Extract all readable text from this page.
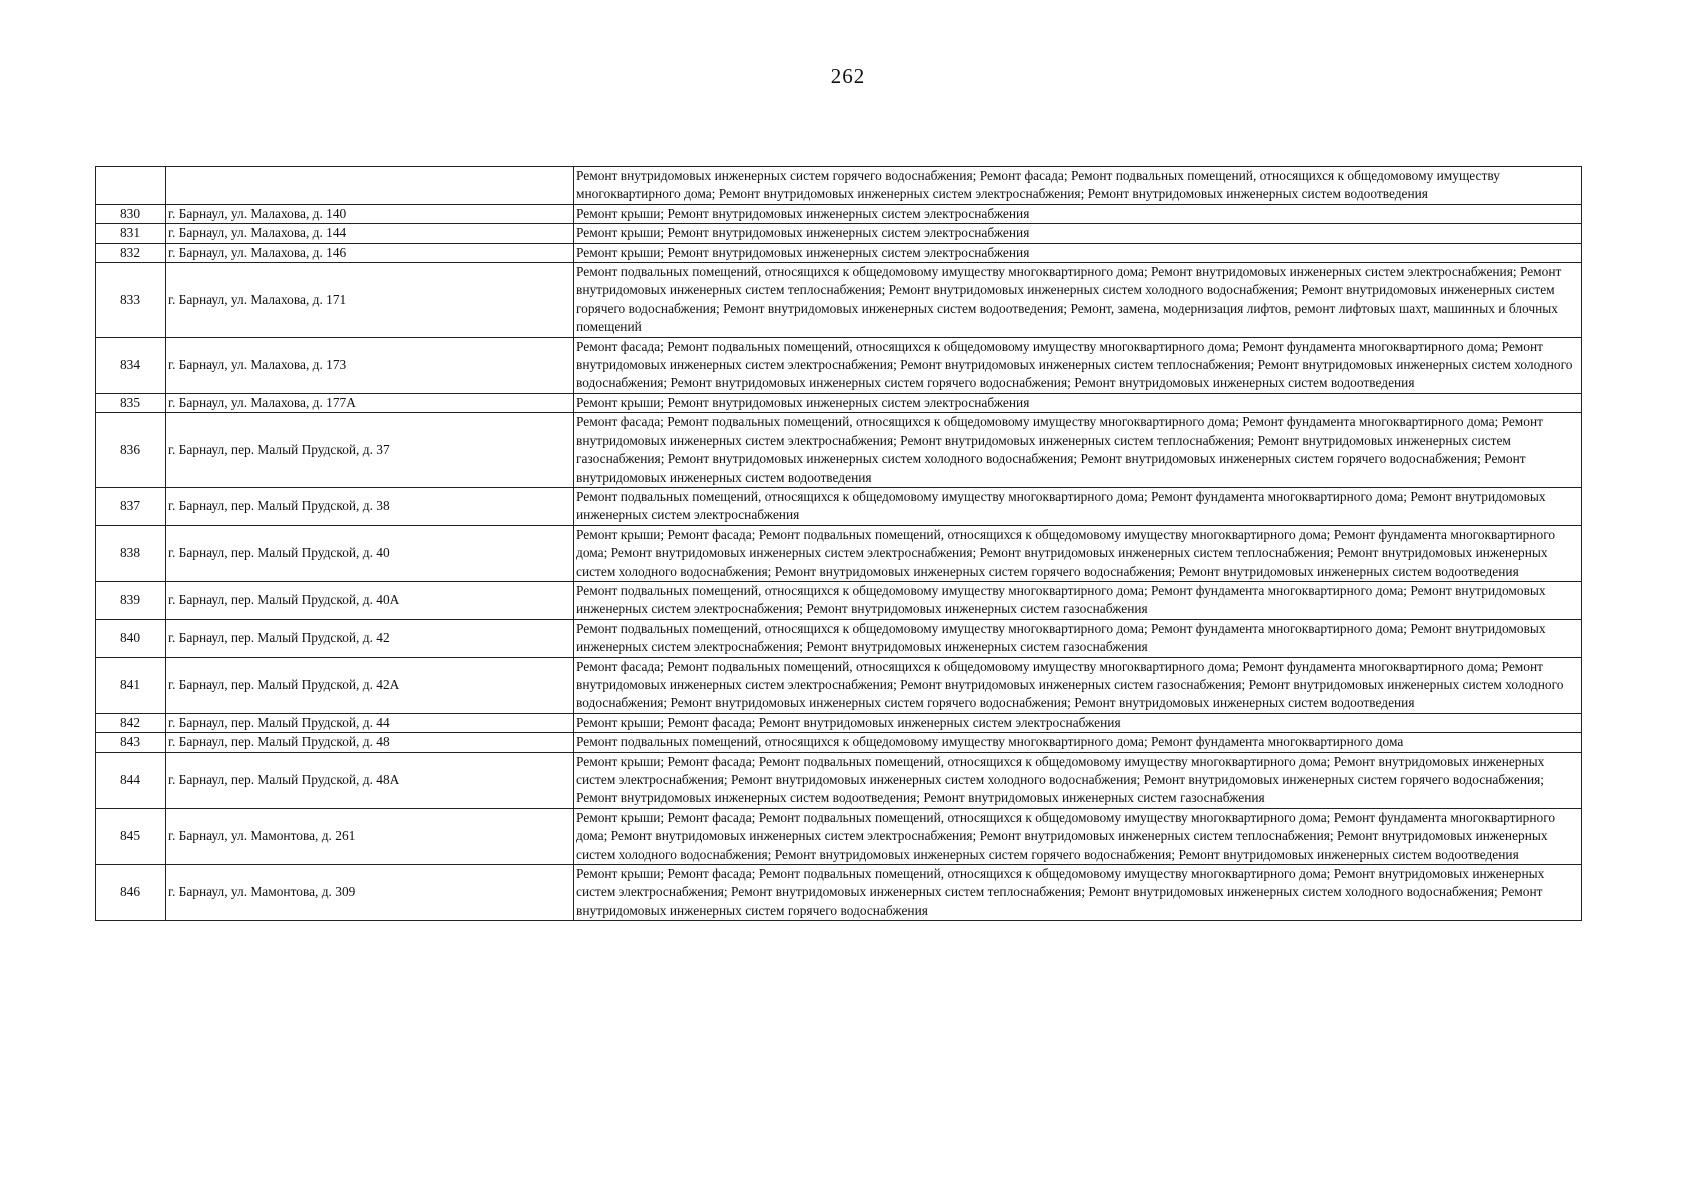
262
		Ремонт внутридомовых инженерных систем горячего водоснабжения; Ремонт фасада; Ремонт подвальных помещений, относящихся к общедомовому имуществу многоквартирного дома; Ремонт внутридомовых инженерных систем электроснабжения; Ремонт внутридомовых инженерных систем водоотведения
830	г. Барнаул, ул. Малахова, д. 140	Ремонт крыши; Ремонт внутридомовых инженерных систем электроснабжения
831	г. Барнаул, ул. Малахова, д. 144	Ремонт крыши; Ремонт внутридомовых инженерных систем электроснабжения
832	г. Барнаул, ул. Малахова, д. 146	Ремонт крыши; Ремонт внутридомовых инженерных систем электроснабжения
833	г. Барнаул, ул. Малахова, д. 171	Ремонт подвальных помещений, относящихся к общедомовому имуществу многоквартирного дома; Ремонт внутридомовых инженерных систем электроснабжения; Ремонт внутридомовых инженерных систем теплоснабжения; Ремонт внутридомовых инженерных систем холодного водоснабжения; Ремонт внутридомовых инженерных систем горячего водоснабжения; Ремонт внутридомовых инженерных систем водоотведения; Ремонт, замена, модернизация лифтов, ремонт лифтовых шахт, машинных и блочных помещений
834	г. Барнаул, ул. Малахова, д. 173	Ремонт фасада; Ремонт подвальных помещений, относящихся к общедомовому имуществу многоквартирного дома; Ремонт фундамента многоквартирного дома; Ремонт внутридомовых инженерных систем электроснабжения; Ремонт внутридомовых инженерных систем теплоснабжения; Ремонт внутридомовых инженерных систем холодного водоснабжения; Ремонт внутридомовых инженерных систем горячего водоснабжения; Ремонт внутридомовых инженерных систем водоотведения
835	г. Барнаул, ул. Малахова, д. 177А	Ремонт крыши; Ремонт внутридомовых инженерных систем электроснабжения
836	г. Барнаул, пер. Малый Прудской, д. 37	Ремонт фасада; Ремонт подвальных помещений, относящихся к общедомовому имуществу многоквартирного дома; Ремонт фундамента многоквартирного дома; Ремонт внутридомовых инженерных систем электроснабжения; Ремонт внутридомовых инженерных систем теплоснабжения; Ремонт внутридомовых инженерных систем газоснабжения; Ремонт внутридомовых инженерных систем холодного водоснабжения; Ремонт внутридомовых инженерных систем горячего водоснабжения; Ремонт внутридомовых инженерных систем водоотведения
837	г. Барнаул, пер. Малый Прудской, д. 38	Ремонт подвальных помещений, относящихся к общедомовому имуществу многоквартирного дома; Ремонт фундамента многоквартирного дома; Ремонт внутридомовых инженерных систем электроснабжения
838	г. Барнаул, пер. Малый Прудской, д. 40	Ремонт крыши; Ремонт фасада; Ремонт подвальных помещений, относящихся к общедомовому имуществу многоквартирного дома; Ремонт фундамента многоквартирного дома; Ремонт внутридомовых инженерных систем электроснабжения; Ремонт внутридомовых инженерных систем теплоснабжения; Ремонт внутридомовых инженерных систем холодного водоснабжения; Ремонт внутридомовых инженерных систем горячего водоснабжения; Ремонт внутридомовых инженерных систем водоотведения
839	г. Барнаул, пер. Малый Прудской, д. 40А	Ремонт подвальных помещений, относящихся к общедомовому имуществу многоквартирного дома; Ремонт фундамента многоквартирного дома; Ремонт внутридомовых инженерных систем электроснабжения; Ремонт внутридомовых инженерных систем газоснабжения
840	г. Барнаул, пер. Малый Прудской, д. 42	Ремонт подвальных помещений, относящихся к общедомовому имуществу многоквартирного дома; Ремонт фундамента многоквартирного дома; Ремонт внутридомовых инженерных систем электроснабжения; Ремонт внутридомовых инженерных систем газоснабжения
841	г. Барнаул, пер. Малый Прудской, д. 42А	Ремонт фасада; Ремонт подвальных помещений, относящихся к общедомовому имуществу многоквартирного дома; Ремонт фундамента многоквартирного дома; Ремонт внутридомовых инженерных систем электроснабжения; Ремонт внутридомовых инженерных систем газоснабжения; Ремонт внутридомовых инженерных систем холодного водоснабжения; Ремонт внутридомовых инженерных систем горячего водоснабжения; Ремонт внутридомовых инженерных систем водоотведения
842	г. Барнаул, пер. Малый Прудской, д. 44	Ремонт крыши; Ремонт фасада; Ремонт внутридомовых инженерных систем электроснабжения
843	г. Барнаул, пер. Малый Прудской, д. 48	Ремонт подвальных помещений, относящихся к общедомовому имуществу многоквартирного дома; Ремонт фундамента многоквартирного дома
844	г. Барнаул, пер. Малый Прудской, д. 48А	Ремонт крыши; Ремонт фасада; Ремонт подвальных помещений, относящихся к общедомовому имуществу многоквартирного дома; Ремонт внутридомовых инженерных систем электроснабжения; Ремонт внутридомовых инженерных систем холодного водоснабжения; Ремонт внутридомовых инженерных систем горячего водоснабжения; Ремонт внутридомовых инженерных систем водоотведения; Ремонт внутридомовых инженерных систем газоснабжения
845	г. Барнаул, ул. Мамонтова, д. 261	Ремонт крыши; Ремонт фасада; Ремонт подвальных помещений, относящихся к общедомовому имуществу многоквартирного дома; Ремонт фундамента многоквартирного дома; Ремонт внутридомовых инженерных систем электроснабжения; Ремонт внутридомовых инженерных систем теплоснабжения; Ремонт внутридомовых инженерных систем холодного водоснабжения; Ремонт внутридомовых инженерных систем горячего водоснабжения; Ремонт внутридомовых инженерных систем водоотведения
846	г. Барнаул, ул. Мамонтова, д. 309	Ремонт крыши; Ремонт фасада; Ремонт подвальных помещений, относящихся к общедомовому имуществу многоквартирного дома; Ремонт внутридомовых инженерных систем электроснабжения; Ремонт внутридомовых инженерных систем теплоснабжения; Ремонт внутридомовых инженерных систем холодного водоснабжения; Ремонт внутридомовых инженерных систем горячего водоснабжения
